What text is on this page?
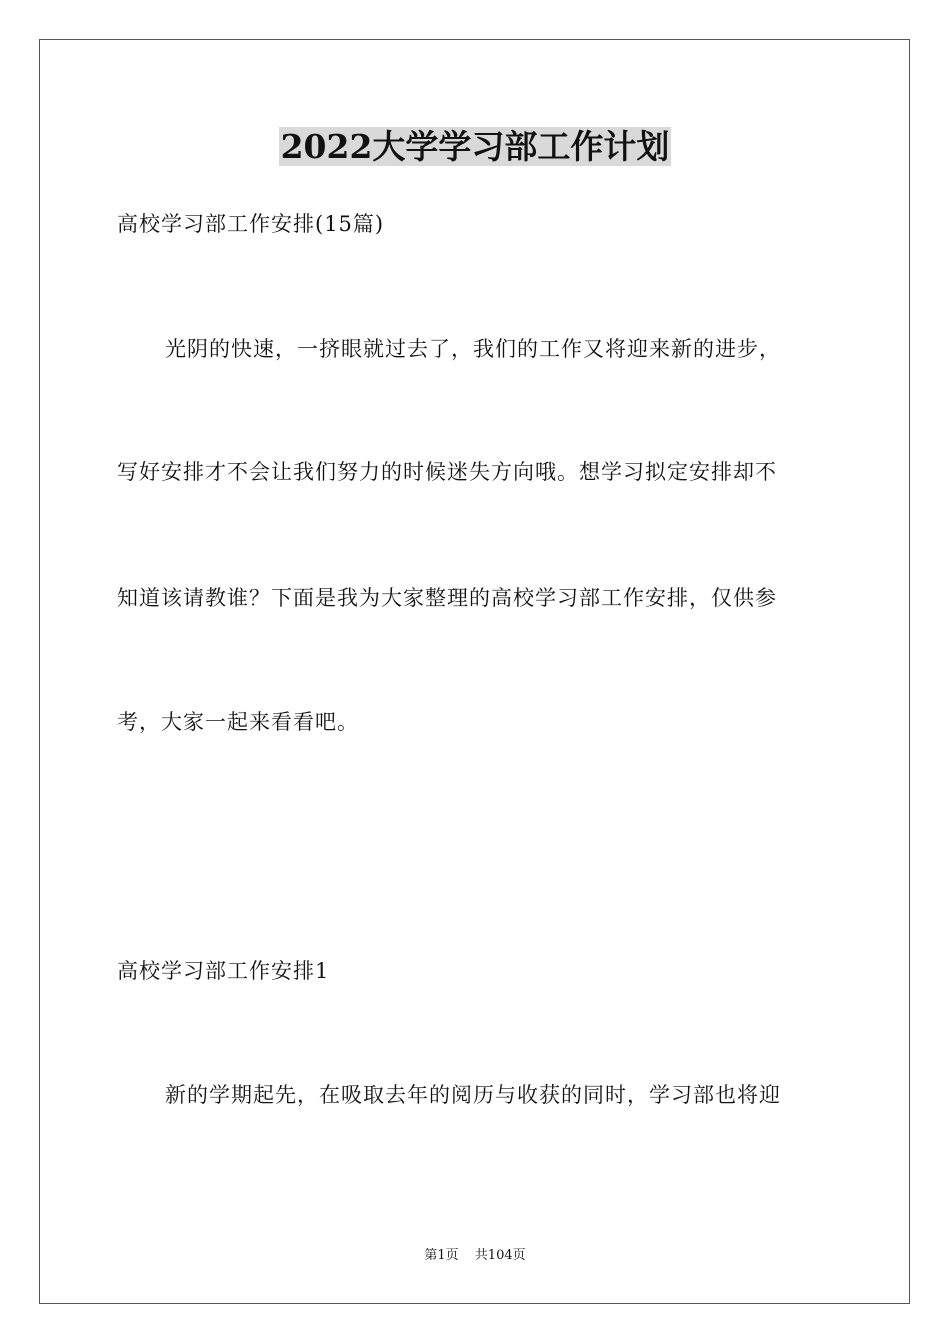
2022大学学习部工作计划
高校学习部工作安排(15篇)
光阴的快速，一挤眼就过去了，我们的工作又将迎来新的进步，
写好安排才不会让我们努力的时候迷失方向哦。想学习拟定安排却不
知道该请教谁？下面是我为大家整理的高校学习部工作安排，仅供参
考，大家一起来看看吧。
高校学习部工作安排1
新的学期起先，在吸取去年的阅历与收获的同时，学习部也将迎
第1页 共104页
